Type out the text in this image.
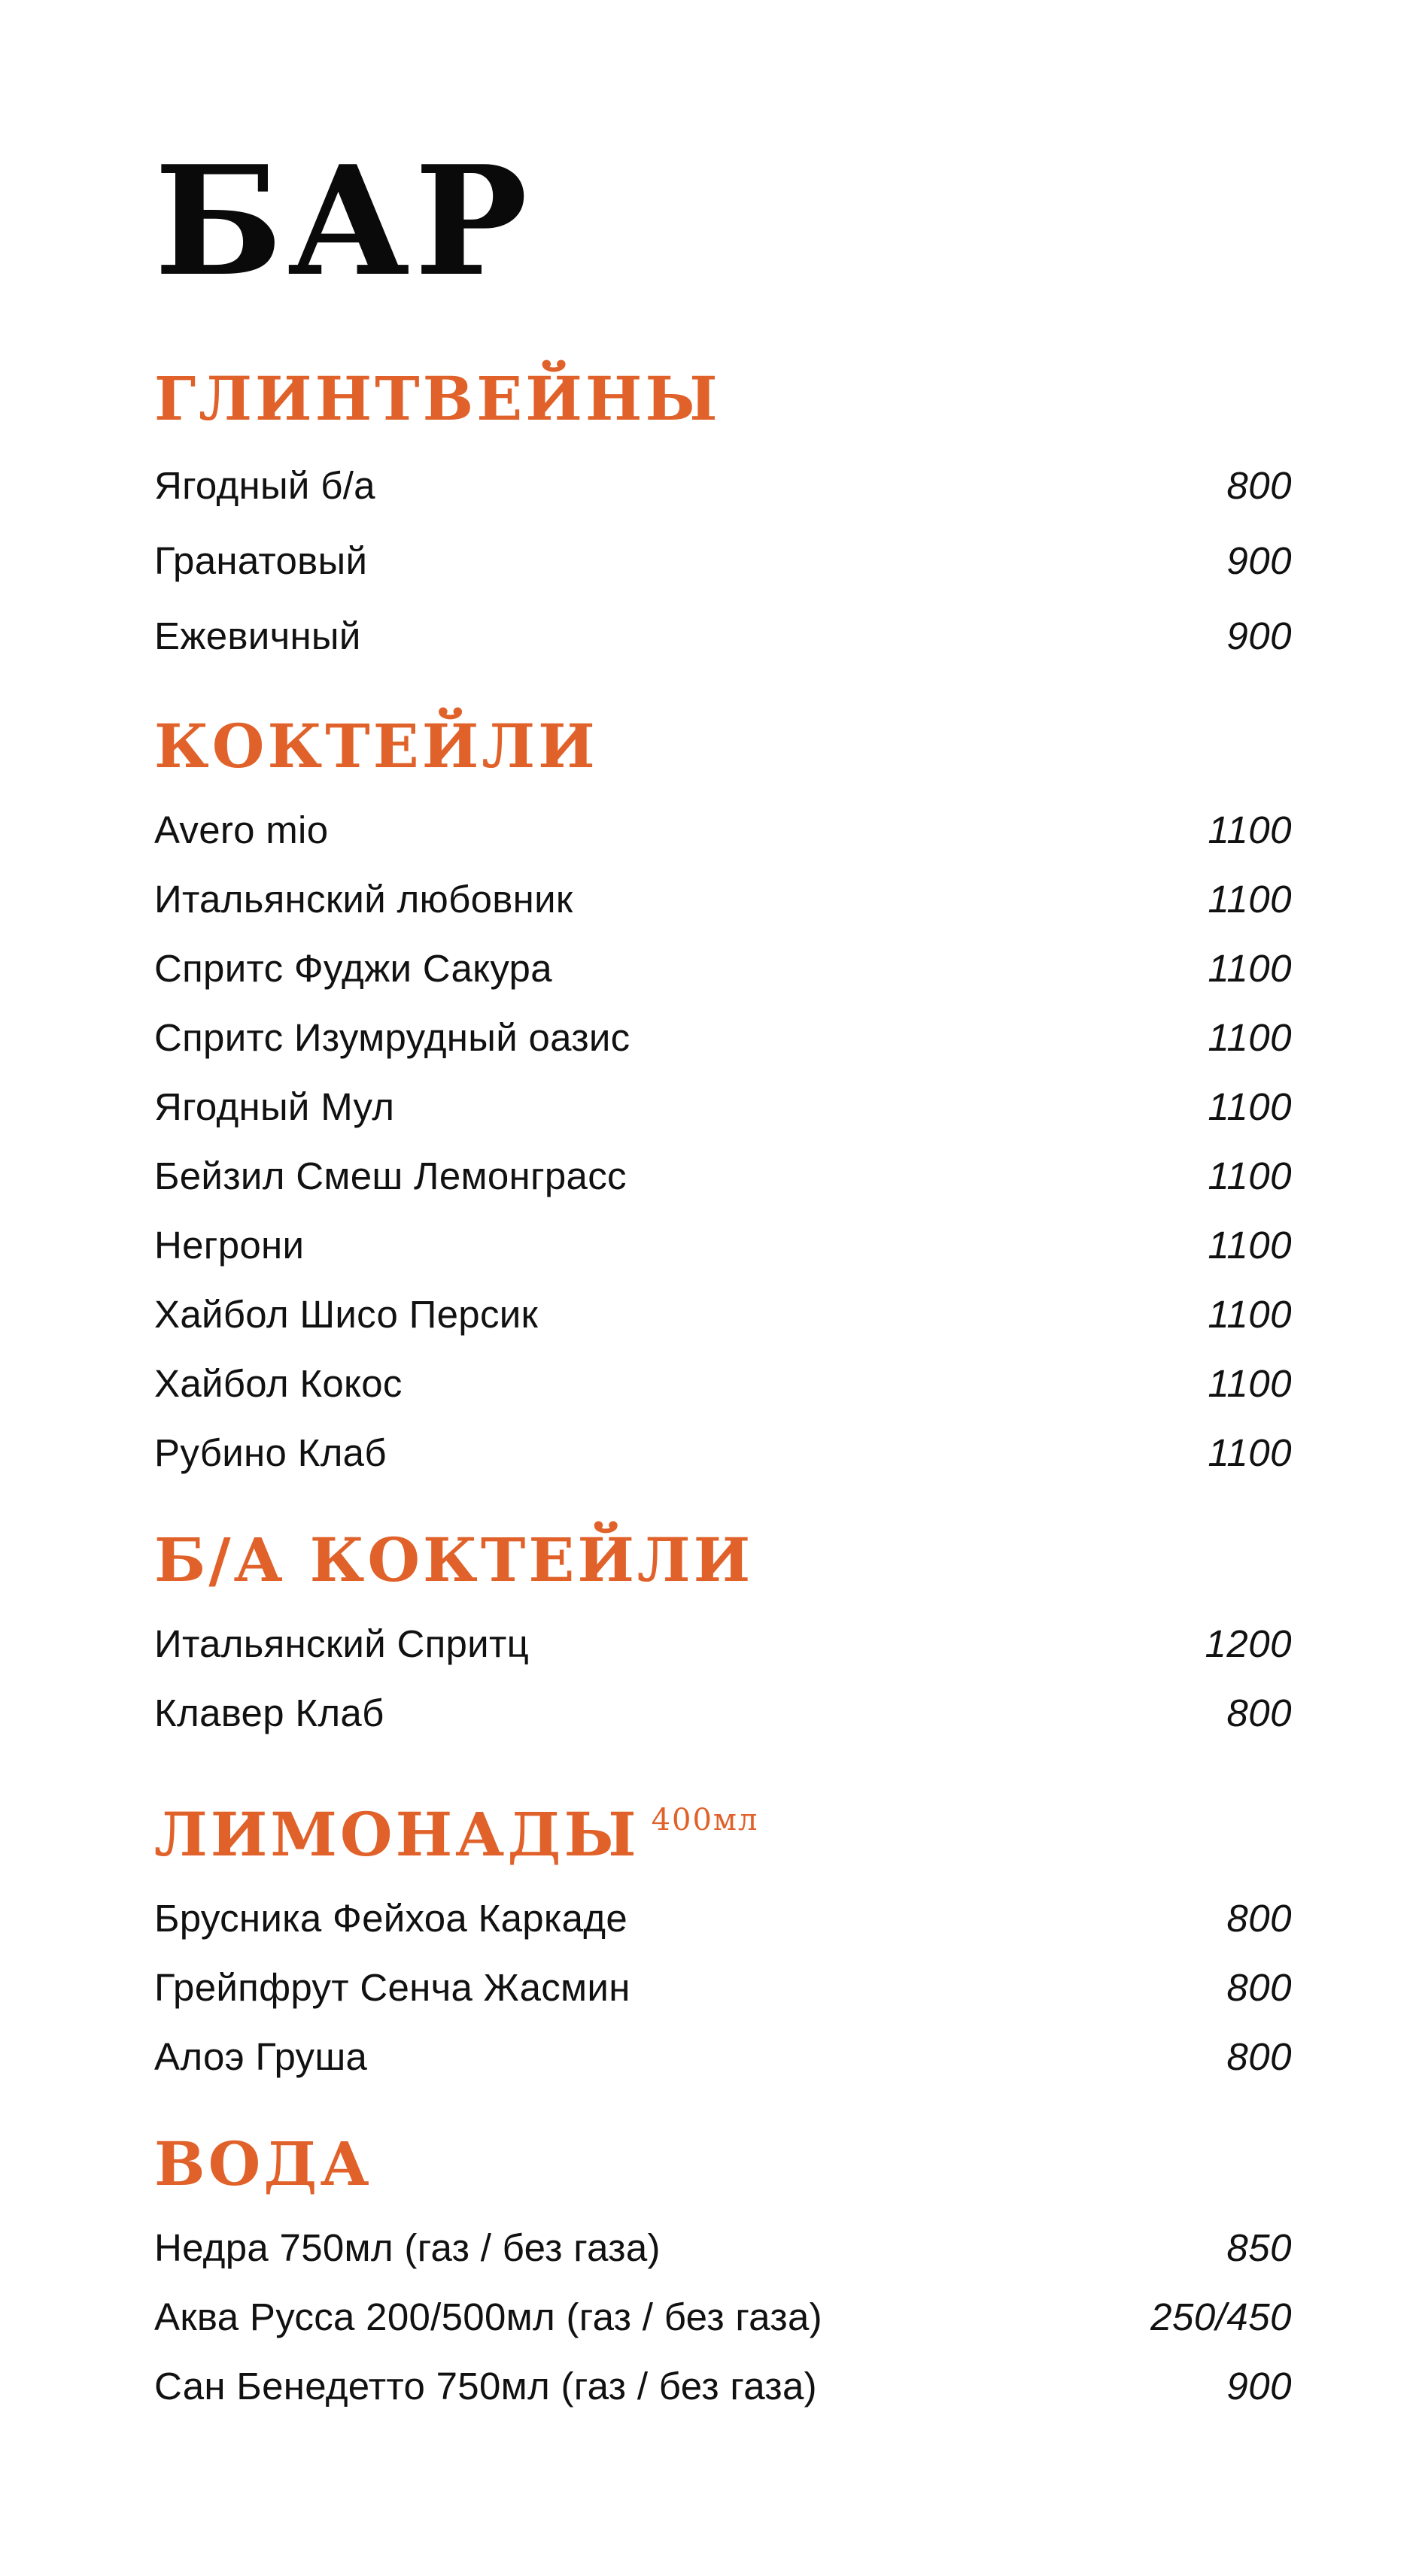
БАР
ГЛИНТВЕЙНЫ
Ягодный б/а	800
Гранатовый	900
Ежевичный	900
КОКТЕЙЛИ
Avero mio	1100
Итальянский любовник	1100
Спритс Фуджи Сакура	1100
Спритс Изумрудный оазис	1100
Ягодный Мул	1100
Бейзил Смеш Лемонграсс	1100
Негрони	1100
Хайбол Шисо Персик	1100
Хайбол Кокос	1100
Рубино Клаб	1100
Б/А КОКТЕЙЛИ
Итальянский Спритц	1200
Клавер Клаб	800
ЛИМОНАДЫ $^{400мл}$
Брусника Фейхоа Каркаде	800
Грейпфрут Сенча Жасмин	800
Алоэ Груша	800
ВОДА
Недра 750мл (газ / без газа)	850
Аква Русса 200/500мл (газ / без газа)	250/450
Сан Бенедетто 750мл (газ / без газа)	900
